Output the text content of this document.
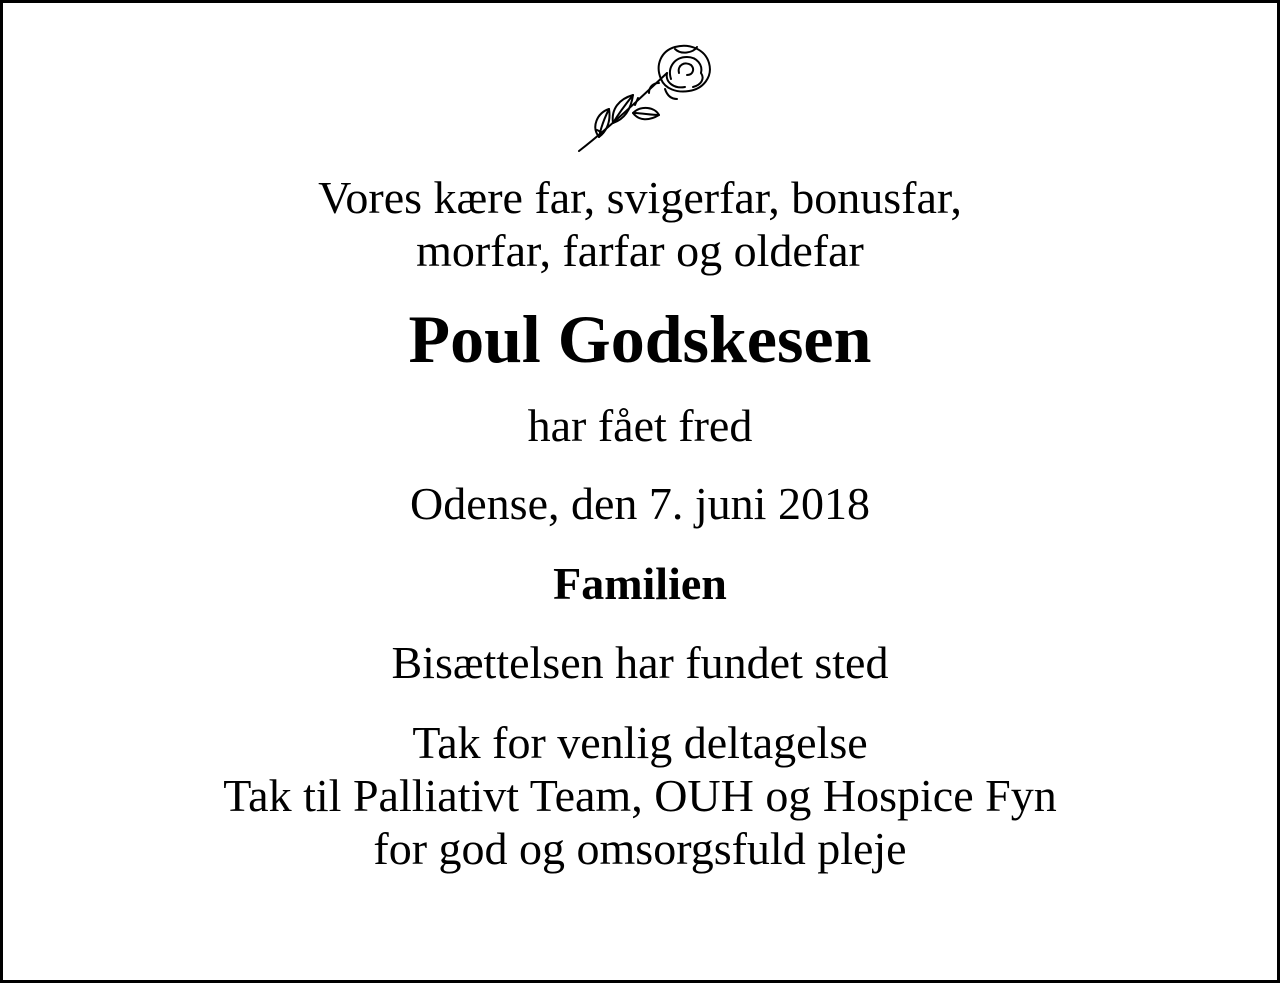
Vores kære far, svigerfar, bonusfar,
morfar, farfar og oldefar
Poul Godskesen
har fået fred
Odense, den 7. juni 2018
Familien
Bisættelsen har fundet sted
Tak for venlig deltagelse
Tak til Palliativt Team, OUH og Hospice Fyn
for god og omsorgsfuld pleje
